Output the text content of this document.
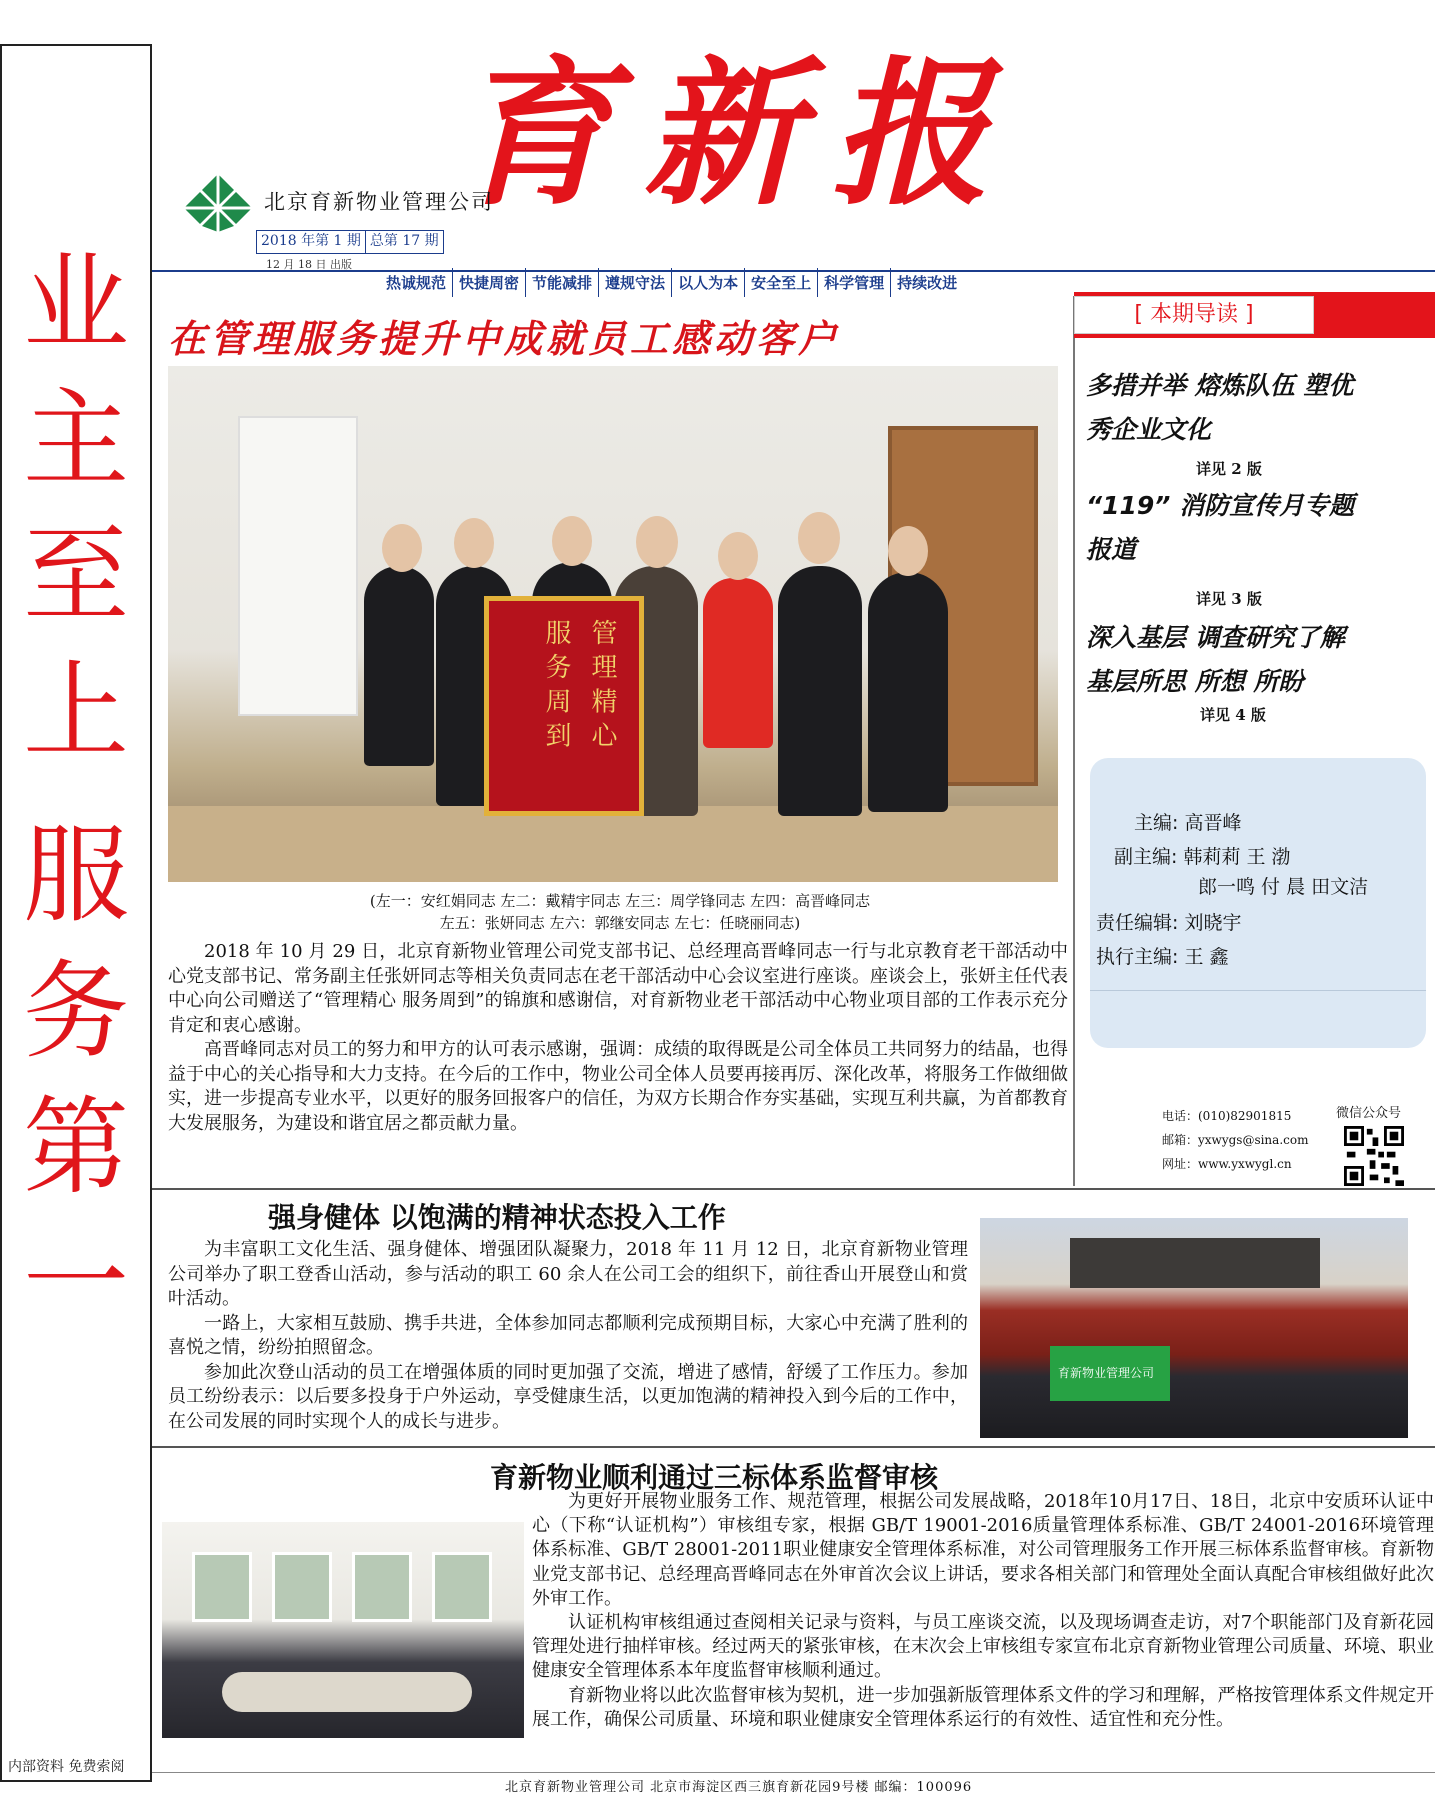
业
主
至
上
服
务
第
一
内部资料 免费索阅
育新报
北京育新物业管理公司
2018 年第 1 期 总第 17 期
12 月 18 日 出版
热诚规范 快捷周密 节能减排 遵规守法 以人为本 安全至上 科学管理 持续改进
在管理服务提升中成就员工感动客户
管 理 精 心
服 务 周 到
(左一：安红娟同志 左二：戴精宇同志 左三：周学锋同志 左四：高晋峰同志
左五：张妍同志 左六：郭继安同志 左七：任晓丽同志)

2018 年 10 月 29 日，北京育新物业管理公司党支部书记、总经理高晋峰同志一行与北京教育老干部活动中心党支部书记、常务副主任张妍同志等相关负责同志在老干部活动中心会议室进行座谈。座谈会上，张妍主任代表中心向公司赠送了“管理精心 服务周到”的锦旗和感谢信，对育新物业老干部活动中心物业项目部的工作表示充分肯定和衷心感谢。

高晋峰同志对员工的努力和甲方的认可表示感谢，强调：成绩的取得既是公司全体员工共同努力的结晶，也得益于中心的关心指导和大力支持。在今后的工作中，物业公司全体人员要再接再厉、深化改革，将服务工作做细做实，进一步提高专业水平，以更好的服务回报客户的信任，为双方长期合作夯实基础，实现互利共赢，为首都教育大发展服务，为建设和谐宜居之都贡献力量。

[ 本期导读 ]
多措并举 熔炼队伍 塑优
秀企业文化
详见 2 版
“119” 消防宣传月专题
报道
详见 3 版
深入基层 调查研究了解
基层所思 所想 所盼
详见 4 版
主编: 高晋峰
副主编: 韩莉莉 王 渤
郎一鸣 付 晨 田文洁
责任编辑: 刘晓宇
执行主编: 王 鑫
电话：(010)82901815
邮箱：yxwygs@sina.com
网址：www.yxwygl.cn
微信公众号
强身健体 以饱满的精神状态投入工作

为丰富职工文化生活、强身健体、增强团队凝聚力，2018 年 11 月 12 日，北京育新物业管理公司举办了职工登香山活动，参与活动的职工 60 余人在公司工会的组织下，前往香山开展登山和赏叶活动。

一路上，大家相互鼓励、携手共进，全体参加同志都顺利完成预期目标，大家心中充满了胜利的喜悦之情，纷纷拍照留念。

参加此次登山活动的员工在增强体质的同时更加强了交流，增进了感情，舒缓了工作压力。参加员工纷纷表示：以后要多投身于户外运动，享受健康生活，以更加饱满的精神投入到今后的工作中，在公司发展的同时实现个人的成长与进步。

育新物业管理公司
育新物业顺利通过三标体系监督审核

为更好开展物业服务工作、规范管理，根据公司发展战略，2018年10月17日、18日，北京中安质环认证中心（下称“认证机构”）审核组专家，根据 GB/T 19001-2016质量管理体系标准、GB/T 24001-2016环境管理体系标准、GB/T 28001-2011职业健康安全管理体系标准，对公司管理服务工作开展三标体系监督审核。育新物业党支部书记、总经理高晋峰同志在外审首次会议上讲话，要求各相关部门和管理处全面认真配合审核组做好此次外审工作。

认证机构审核组通过查阅相关记录与资料，与员工座谈交流，以及现场调查走访，对7个职能部门及育新花园管理处进行抽样审核。经过两天的紧张审核，在末次会上审核组专家宣布北京育新物业管理公司质量、环境、职业健康安全管理体系本年度监督审核顺利通过。

育新物业将以此次监督审核为契机，进一步加强新版管理体系文件的学习和理解，严格按管理体系文件规定开展工作，确保公司质量、环境和职业健康安全管理体系运行的有效性、适宜性和充分性。

北京育新物业管理公司 北京市海淀区西三旗育新花园9号楼 邮编：100096
